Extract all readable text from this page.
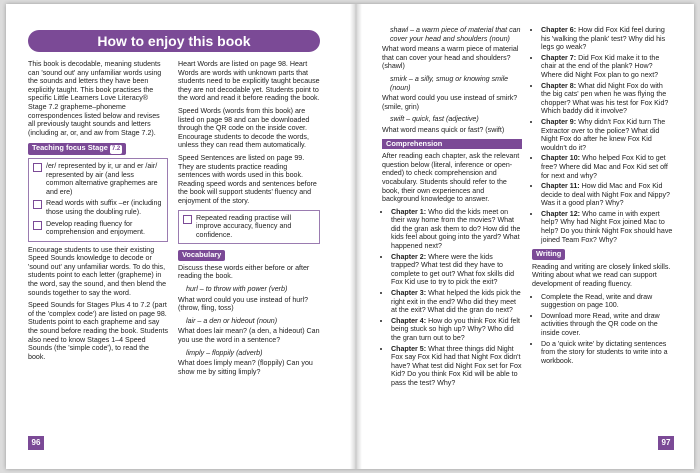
How to enjoy this book

This book is decodable, meaning students can 'sound out' any unfamiliar words using the sounds and letters they have been explicitly taught. This book practises the specific Little Learners Love Literacy® Stage 7.2 grapheme–phoneme correspondences listed below and revises all previously taught sounds and letters (including ar, or, and aw from Stage 7.2).

Teaching focus Stage 7.2
/er/ represented by ir, ur and er /air/ represented by air (and less common alternative graphemes are and ere)
Read words with suffix –er (including those using the doubling rule).
Develop reading fluency for comprehension and enjoyment.

Encourage students to use their existing Speed Sounds knowledge to decode or 'sound out' any unfamiliar words. To do this, students point to each letter (grapheme) in the word, say the sound, and then blend the sounds together to say the word.

Speed Sounds for Stages Plus 4 to 7.2 (part of the 'complex code') are listed on page 98. Students point to each grapheme and say the sound before reading the book. Students also need to know Stages 1–4 Speed Sounds (the 'simple code'), to read the book.

Heart Words are listed on page 98. Heart Words are words with unknown parts that students need to be explicitly taught because they are not decodable yet. Students point to the word and read it before reading the book.

Speed Words (words from this book) are listed on page 98 and can be downloaded through the QR code on the inside cover. Encourage students to decode the words, unless they can read them automatically.

Speed Sentences are listed on page 99. They are students practice reading sentences with words used in this book. Reading speed words and sentences before the book will support students' fluency and enjoyment of the story.

Repeated reading practise will improve accuracy, fluency and confidence.
Vocabulary

Discuss these words either before or after reading the book.

hurl – to throw with power (verb)

What word could you use instead of hurl? (throw, fling, toss)

lair – a den or hideout (noun)

What does lair mean? (a den, a hideout) Can you use the word in a sentence?

limply – floppily (adverb)

What does limply mean? (floppily) Can you show me by sitting limply?

shawl – a warm piece of material that can cover your head and shoulders (noun)

What word means a warm piece of material that can cover your head and shoulders? (shawl)

smirk – a silly, smug or knowing smile (noun)

What word could you use instead of smirk? (smile, grin)

swift – quick, fast (adjective)

What word means quick or fast? (swift)

Comprehension

After reading each chapter, ask the relevant question below (literal, inference or open-ended) to check comprehension and vocabulary. Students should refer to the book, their own experiences and background knowledge to answer.

• Chapter 1: Who did the kids meet on their way home from the movies? What did the gran ask them to do? How did the kids feel about going into the yard? What happened next?
• Chapter 2: Where were the kids trapped? What test did they have to complete to get out? What fox skills did Fox Kid use to try to pick the exit?
• Chapter 3: What helped the kids pick the right exit in the end? Who did they meet at the exit? What did the gran do next?
• Chapter 4: How do you think Fox Kid felt being stuck so high up? Why? Who did the gran turn out to be?
• Chapter 5: What three things did Night Fox say Fox Kid had that Night Fox didn't have? What test did Night Fox set for Fox Kid? Do you think Fox Kid will be able to pass the test? Why?
• Chapter 6: How did Fox Kid feel during his 'walking the plank' test? Why did his legs go weak?
• Chapter 7: Did Fox Kid make it to the chair at the end of the plank? How? Where did Night Fox plan to go next?
• Chapter 8: What did Night Fox do with the big cats' pen when he was flying the chopper? What was his test for Fox Kid? Which baddy did it involve?
• Chapter 9: Why didn't Fox Kid turn The Extractor over to the police? What did Night Fox do after he knew Fox Kid wouldn't do it?
• Chapter 10: Who helped Fox Kid to get free? Where did Mac and Fox Kid set off for next and why?
• Chapter 11: How did Mac and Fox Kid decide to deal with Night Fox and Nippy? Was it a good plan? Why?
• Chapter 12: Who came in with expert help? Why had Night Fox joined Mac to help? Do you think Night Fox should have joined Team Fox? Why?
Writing

Reading and writing are closely linked skills. Writing about what we read can support development of reading fluency.

• Complete the Read, write and draw suggestion on page 100.
• Download more Read, write and draw activities through the QR code on the inside cover.
• Do a 'quick write' by dictating sentences from the story for students to write into a workbook.
96	97
